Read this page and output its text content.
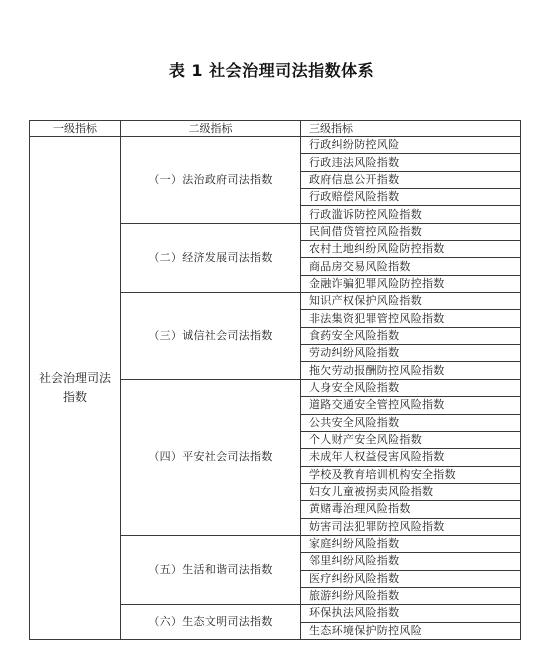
表 1 社会治理司法指数体系
一级指标	二级指标	三级指标
社会治理司法指数	（一）法治政府司法指数	行政纠纷防控风险
		行政违法风险指数
		政府信息公开指数
		行政赔偿风险指数
		行政滥诉防控风险指数
	（二）经济发展司法指数	民间借贷管控风险指数
		农村土地纠纷风险防控指数
		商品房交易风险指数
		金融诈骗犯罪风险防控指数
	（三）诚信社会司法指数	知识产权保护风险指数
		非法集资犯罪管控风险指数
		食药安全风险指数
		劳动纠纷风险指数
		拖欠劳动报酬防控风险指数
	（四）平安社会司法指数	人身安全风险指数
		道路交通安全管控风险指数
		公共安全风险指数
		个人财产安全风险指数
		未成年人权益侵害风险指数
		学校及教育培训机构安全指数
		妇女儿童被拐卖风险指数
		黄赌毒治理风险指数
		妨害司法犯罪防控风险指数
	（五）生活和谐司法指数	家庭纠纷风险指数
		邻里纠纷风险指数
		医疗纠纷风险指数
		旅游纠纷风险指数
	（六）生态文明司法指数	环保执法风险指数
		生态环境保护防控风险
